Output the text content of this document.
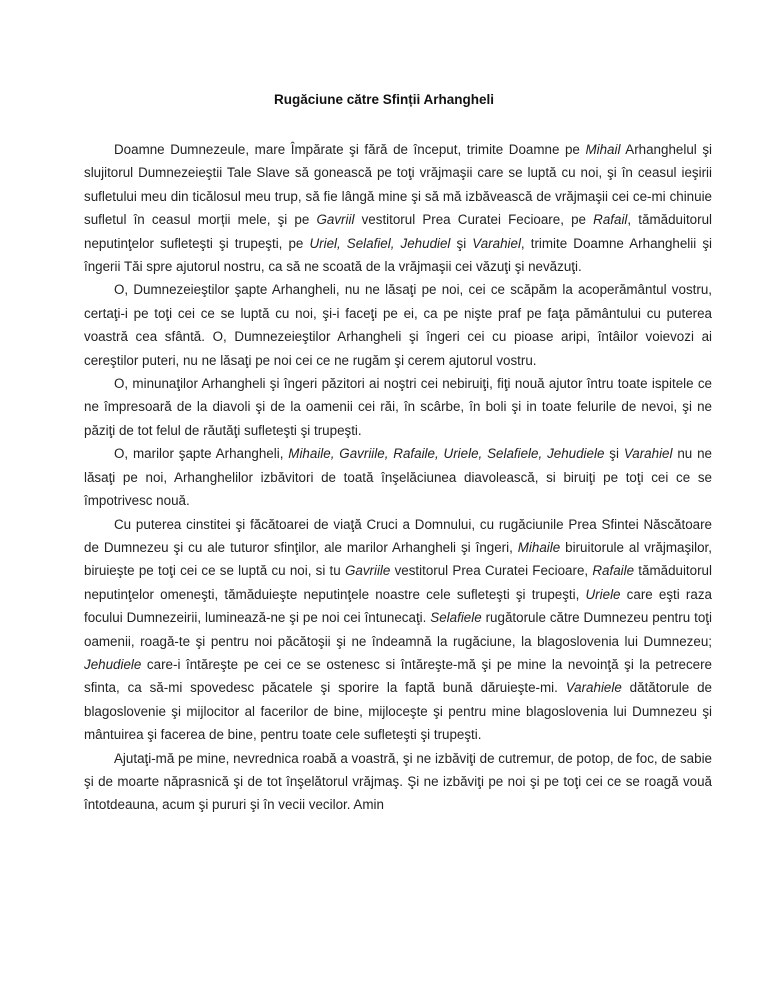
Rugăciune către Sfinții Arhangheli

Doamne Dumnezeule, mare Împărate şi fără de început, trimite Doamne pe Mihail Arhanghelul şi slujitorul Dumnezeieştii Tale Slave să gonească pe toţi vrăjmaşii care se luptă cu noi, şi în ceasul ieşirii sufletului meu din ticălosul meu trup, să fie lângă mine şi să mă izbăvească de vrăjmaşii cei ce-mi chinuie sufletul în ceasul morții mele, şi pe Gavriil vestitorul Prea Curatei Fecioare, pe Rafail, tămăduitorul neputinţelor sufleteşti şi trupeşti, pe Uriel, Selafiel, Jehudiel şi Varahiel, trimite Doamne Arhanghelii şi îngerii Tăi spre ajutorul nostru, ca să ne scoată de la vrăjmaşii cei văzuţi şi nevăzuţi.

O, Dumnezeieştilor şapte Arhangheli, nu ne lăsaţi pe noi, cei ce scăpăm la acoperământul vostru, certaţi-i pe toţi cei ce se luptă cu noi, şi-i faceţi pe ei, ca pe nişte praf pe faţa pământului cu puterea voastră cea sfântă. O, Dumnezeieştilor Arhangheli şi îngeri cei cu pioase aripi, întâilor voievozi ai cereştilor puteri, nu ne lăsaţi pe noi cei ce ne rugăm şi cerem ajutorul vostru.

O, minunaţilor Arhangheli şi îngeri păzitori ai noştri cei nebiruiţi, fiţi nouă ajutor întru toate ispitele ce ne împresoară de la diavoli şi de la oamenii cei răi, în scârbe, în boli şi in toate felurile de nevoi, şi ne păziţi de tot felul de răutăţi sufleteşti şi trupeşti.

O, marilor şapte Arhangheli, Mihaile, Gavriile, Rafaile, Uriele, Selafiele, Jehudiele şi Varahiel nu ne lăsaţi pe noi, Arhanghelilor izbăvitori de toată înşelăciunea diavolească, si biruiţi pe toţi cei ce se împotrivesc nouă.

Cu puterea cinstitei şi făcătoarei de viaţă Cruci a Domnului, cu rugăciunile Prea Sfintei Născătoare de Dumnezeu şi cu ale tuturor sfinţilor, ale marilor Arhangheli şi îngeri, Mihaile biruitorule al vrăjmaşilor, biruieşte pe toţi cei ce se luptă cu noi, si tu Gavriile vestitorul Prea Curatei Fecioare, Rafaile tămăduitorul neputinţelor omeneşti, tămăduieşte neputinţele noastre cele sufleteşti şi trupeşti, Uriele care eşti raza focului Dumnezeirii, luminează-ne şi pe noi cei întunecaţi. Selafiele rugătorule către Dumnezeu pentru toţi oamenii, roagă-te şi pentru noi păcătoşii şi ne îndeamnă la rugăciune, la blagoslovenia lui Dumnezeu; Jehudiele care-i întăreşte pe cei ce se ostenesc si întăreşte-mă şi pe mine la nevoinţă şi la petrecere sfinta, ca să-mi spovedesc păcatele şi sporire la faptă bună dăruieşte-mi. Varahiele dătătorule de blagoslovenie şi mijlocitor al facerilor de bine, mijloceşte şi pentru mine blagoslovenia lui Dumnezeu şi mântuirea şi facerea de bine, pentru toate cele sufleteşti şi trupeşti.

Ajutaţi-mă pe mine, nevrednica roabă a voastră, şi ne izbăviţi de cutremur, de potop, de foc, de sabie şi de moarte năprasnică şi de tot înşelătorul vrăjmaş. Şi ne izbăviţi pe noi şi pe toţi cei ce se roagă vouă întotdeauna, acum şi pururi şi în vecii vecilor. Amin
